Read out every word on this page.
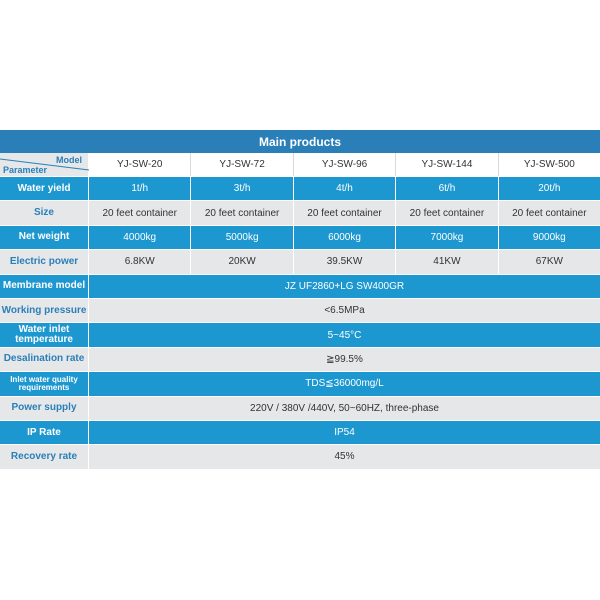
Main products
Model
Parameter	YJ-SW-20	YJ-SW-72	YJ-SW-96	YJ-SW-144	YJ-SW-500
Water yield	1t/h	3t/h	4t/h	6t/h	20t/h
Size	20 feet container	20 feet container	20 feet container	20 feet container	20 feet container
Net weight	4000kg	5000kg	6000kg	7000kg	9000kg
Electric power	6.8KW	20KW	39.5KW	41KW	67KW
Membrane model	JZ UF2860+LG SW400GR
Working pressure	<6.5MPa
Water inlet temperature	5~45°C
Desalination rate	≧99.5%
Inlet water quality requirements	TDS≦36000mg/L
Power supply	220V / 380V /440V, 50~60HZ, three-phase
IP Rate	IP54
Recovery rate	45%
